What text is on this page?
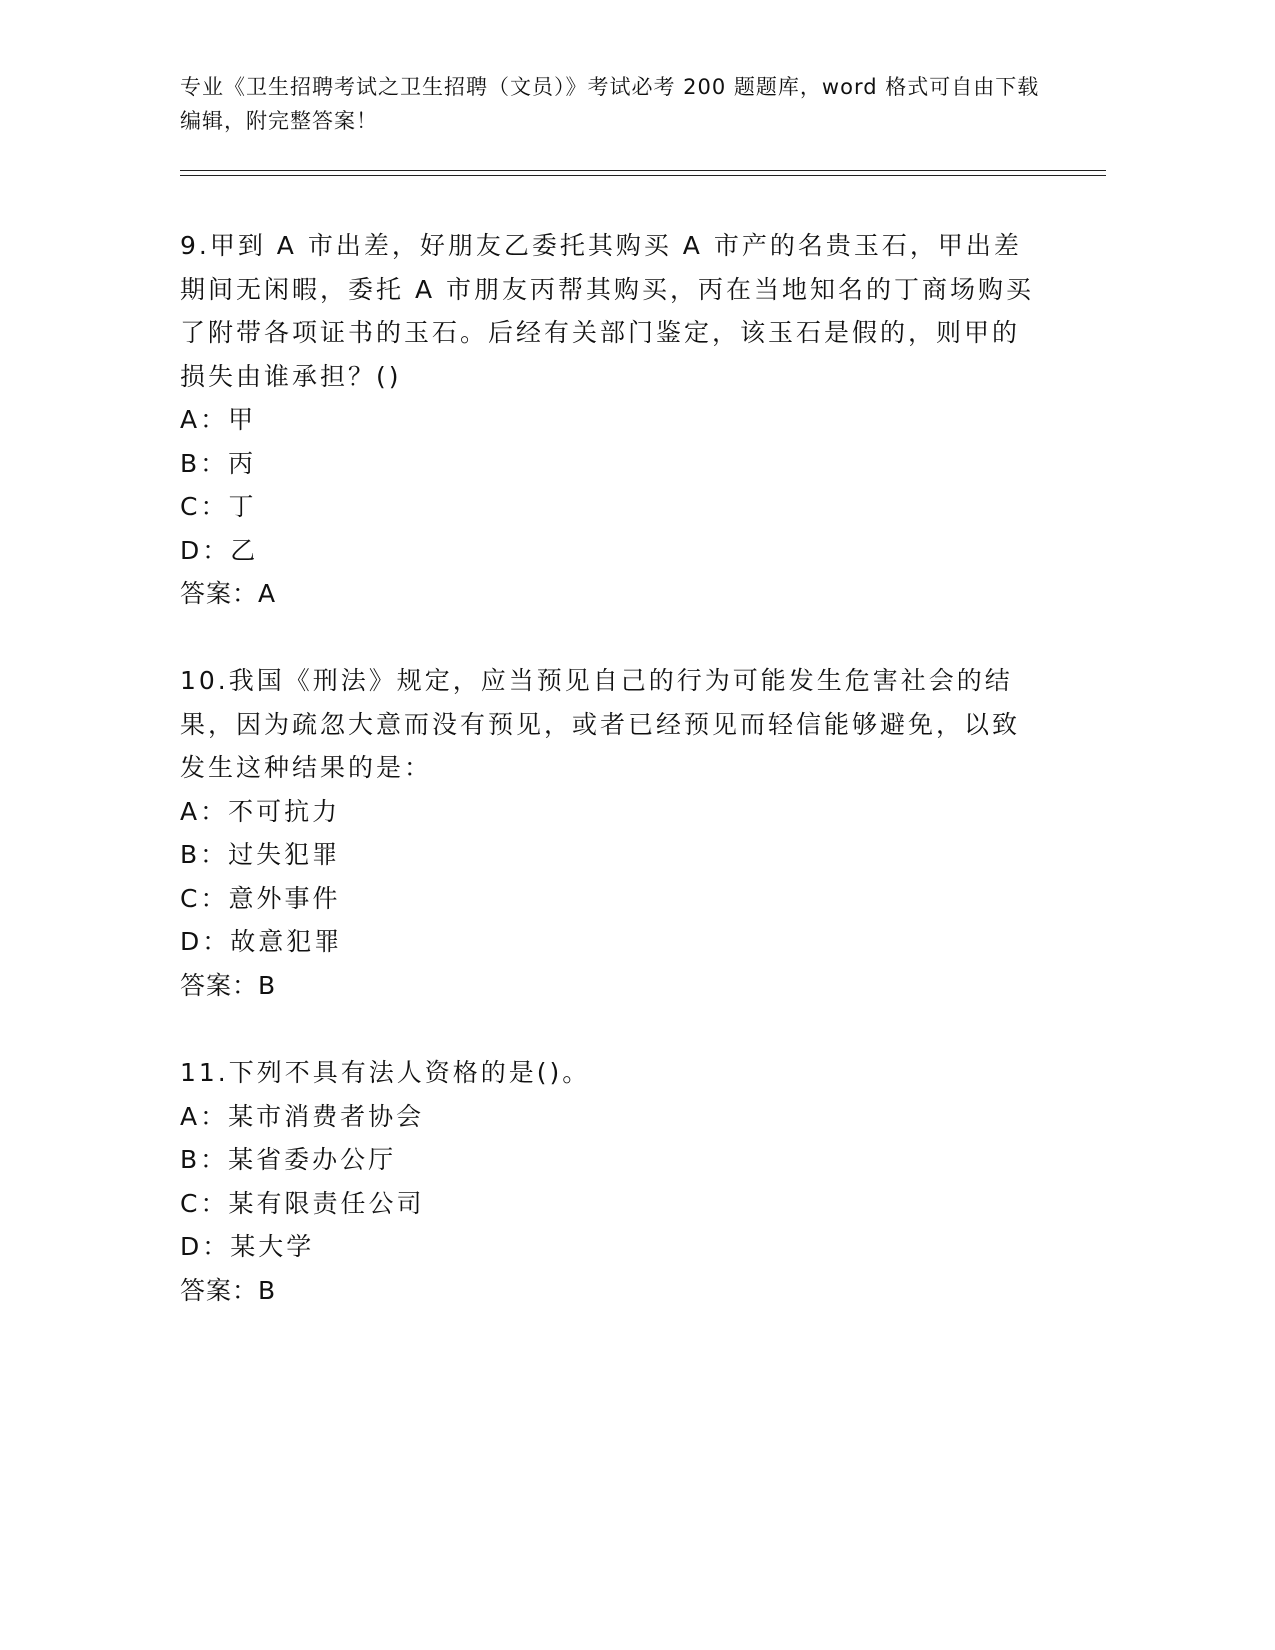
专业《卫生招聘考试之卫生招聘（文员）》考试必考 200 题题库，word 格式可自由下载编辑，附完整答案！

9.甲到 A 市出差，好朋友乙委托其购买 A 市产的名贵玉石，甲出差期间无闲暇，委托 A 市朋友丙帮其购买，丙在当地知名的丁商场购买了附带各项证书的玉石。后经有关部门鉴定，该玉石是假的，则甲的损失由谁承担？()

A：甲

B：丙

C：丁

D：乙

答案：A

10.我国《刑法》规定，应当预见自己的行为可能发生危害社会的结果，因为疏忽大意而没有预见，或者已经预见而轻信能够避免，以致发生这种结果的是：

A：不可抗力

B：过失犯罪

C：意外事件

D：故意犯罪

答案：B

11.下列不具有法人资格的是()。

A：某市消费者协会

B：某省委办公厅

C：某有限责任公司

D：某大学

答案：B
